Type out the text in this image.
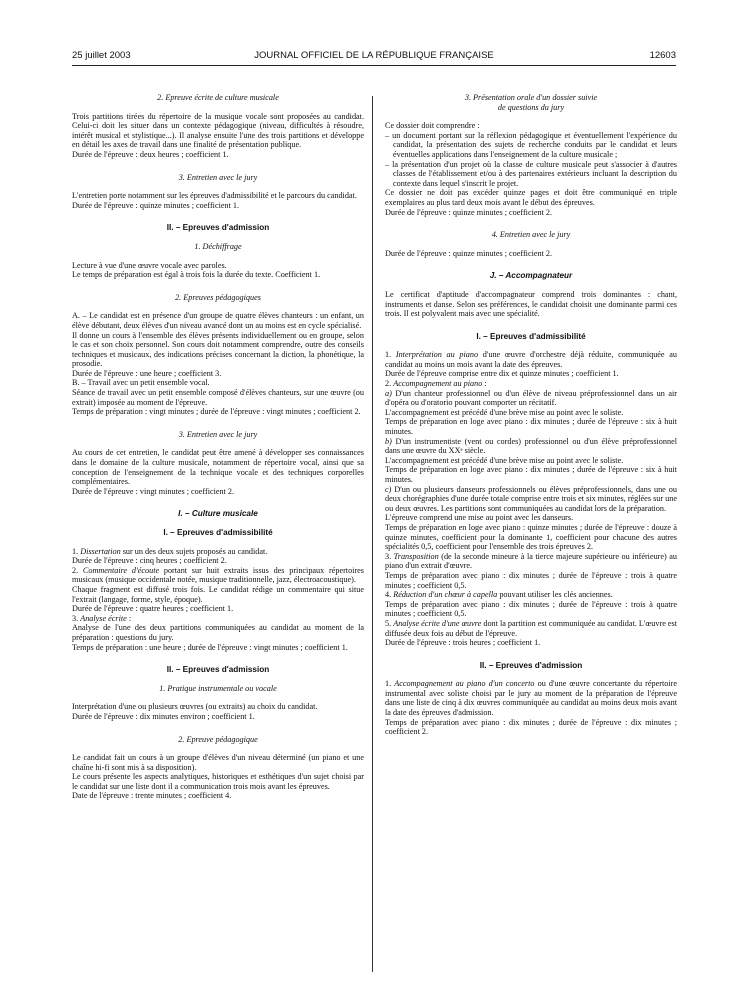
25 juillet 2003	JOURNAL OFFICIEL DE LA RÉPUBLIQUE FRANÇAISE	12603

2. Epreuve écrite de culture musicale

Trois partitions tirées du répertoire de la musique vocale sont proposées au candidat. Celui-ci doit les situer dans un contexte pédagogique (niveau, difficultés à résoudre, intérêt musical et stylistique...). Il analyse ensuite l'une des trois partitions et développe en détail les axes de travail dans une finalité de présentation publique.

Durée de l'épreuve : deux heures ; coefficient 1.

3. Entretien avec le jury

L'entretien porte notamment sur les épreuves d'admissibilité et le parcours du candidat.

Durée de l'épreuve : quinze minutes ; coefficient 1.

II. – Epreuves d'admission

1. Déchiffrage

Lecture à vue d'une œuvre vocale avec paroles.

Le temps de préparation est égal à trois fois la durée du texte. Coefficient 1.

2. Epreuves pédagogiques

A. – Le candidat est en présence d'un groupe de quatre élèves chanteurs : un enfant, un élève débutant, deux élèves d'un niveau avancé dont un au moins est en cycle spécialisé.

Il donne un cours à l'ensemble des élèves présents individuellement ou en groupe, selon le cas et son choix personnel. Son cours doit notamment comprendre, outre des conseils techniques et musicaux, des indications précises concernant la diction, la phonétique, la prosodie.

Durée de l'épreuve : une heure ; coefficient 3.

B. – Travail avec un petit ensemble vocal.

Séance de travail avec un petit ensemble composé d'élèves chanteurs, sur une œuvre (ou extrait) imposée au moment de l'épreuve.

Temps de préparation : vingt minutes ; durée de l'épreuve : vingt minutes ; coefficient 2.

3. Entretien avec le jury

Au cours de cet entretien, le candidat peut être amené à développer ses connaissances dans le domaine de la culture musicale, notamment de répertoire vocal, ainsi que sa conception de l'enseignement de la technique vocale et des techniques corporelles complémentaires.

Durée de l'épreuve : vingt minutes ; coefficient 2.

I. – Culture musicale

I. – Epreuves d'admissibilité

1. Dissertation sur un des deux sujets proposés au candidat.

Durée de l'épreuve : cinq heures ; coefficient 2.

2. Commentaire d'écoute portant sur huit extraits issus des principaux répertoires musicaux (musique occidentale notée, musique traditionnelle, jazz, électroacoustique).

Chaque fragment est diffusé trois fois. Le candidat rédige un commentaire qui situe l'extrait (langage, forme, style, époque).

Durée de l'épreuve : quatre heures ; coefficient 1.

3. Analyse écrite :

Analyse de l'une des deux partitions communiquées au candidat au moment de la préparation : questions du jury.

Temps de préparation : une heure ; durée de l'épreuve : vingt minutes ; coefficient 1.

II. – Epreuves d'admission

1. Pratique instrumentale ou vocale

Interprétation d'une ou plusieurs œuvres (ou extraits) au choix du candidat.

Durée de l'épreuve : dix minutes environ ; coefficient 1.

2. Epreuve pédagogique

Le candidat fait un cours à un groupe d'élèves d'un niveau déterminé (un piano et une chaîne hi-fi sont mis à sa disposition).

Le cours présente les aspects analytiques, historiques et esthétiques d'un sujet choisi par le candidat sur une liste dont il a communication trois mois avant les épreuves.

Date de l'épreuve : trente minutes ; coefficient 4.

3. Présentation orale d'un dossier suivie

de questions du jury

Ce dossier doit comprendre :

– un document portant sur la réflexion pédagogique et éventuellement l'expérience du candidat, la présentation des sujets de recherche conduits par le candidat et leurs éventuelles applications dans l'enseignement de la culture musicale ;

– la présentation d'un projet où la classe de culture musicale peut s'associer à d'autres classes de l'établissement et/ou à des partenaires extérieurs incluant la description du contexte dans lequel s'inscrit le projet.

Ce dossier ne doit pas excéder quinze pages et doit être communiqué en triple exemplaires au plus tard deux mois avant le début des épreuves.

Durée de l'épreuve : quinze minutes ; coefficient 2.

4. Entretien avec le jury

Durée de l'épreuve : quinze minutes ; coefficient 2.

J. – Accompagnateur

Le certificat d'aptitude d'accompagnateur comprend trois dominantes : chant, instruments et danse. Selon ses préférences, le candidat choisit une dominante parmi ces trois. Il est polyvalent mais avec une spécialité.

I. – Epreuves d'admissibilité

1. Interprétation au piano d'une œuvre d'orchestre déjà réduite, communiquée au candidat au moins un mois avant la date des épreuves.

Durée de l'épreuve comprise entre dix et quinze minutes ; coefficient 1.

2. Accompagnement au piano :

a) D'un chanteur professionnel ou d'un élève de niveau préprofessionnel dans un air d'opéra ou d'oratorio pouvant comporter un récitatif.

L'accompagnement est précédé d'une brève mise au point avec le soliste.

Temps de préparation en loge avec piano : dix minutes ; durée de l'épreuve : six à huit minutes.

b) D'un instrumentiste (vent ou cordes) professionnel ou d'un élève préprofessionnel dans une œuvre du XXᵉ siècle.

L'accompagnement est précédé d'une brève mise au point avec le soliste.

Temps de préparation en loge avec piano : dix minutes ; durée de l'épreuve : six à huit minutes.

c) D'un ou plusieurs danseurs professionnels ou élèves préprofessionnels, dans une ou deux chorégraphies d'une durée totale comprise entre trois et six minutes, réglées sur une ou deux œuvres. Les partitions sont communiquées au candidat lors de la préparation.

L'épreuve comprend une mise au point avec les danseurs.

Temps de préparation en loge avec piano : quinze minutes ; durée de l'épreuve : douze à quinze minutes, coefficient pour la dominante 1, coefficient pour chacune des autres spécialités 0,5, coefficient pour l'ensemble des trois épreuves 2.

3. Transposition (de la seconde mineure à la tierce majeure supérieure ou inférieure) au piano d'un extrait d'œuvre.

Temps de préparation avec piano : dix minutes ; durée de l'épreuve : trois à quatre minutes ; coefficient 0,5.

4. Réduction d'un chœur à capella pouvant utiliser les clés anciennes.

Temps de préparation avec piano : dix minutes ; durée de l'épreuve : trois à quatre minutes ; coefficient 0,5.

5. Analyse écrite d'une œuvre dont la partition est communiquée au candidat. L'œuvre est diffusée deux fois au début de l'épreuve.

Durée de l'épreuve : trois heures ; coefficient 1.

II. – Epreuves d'admission

1. Accompagnement au piano d'un concerto ou d'une œuvre concertante du répertoire instrumental avec soliste choisi par le jury au moment de la préparation de l'épreuve dans une liste de cinq à dix œuvres communiquée au candidat au moins deux mois avant la date des épreuves d'admission.

Temps de préparation avec piano : dix minutes ; durée de l'épreuve : dix minutes ; coefficient 2.
